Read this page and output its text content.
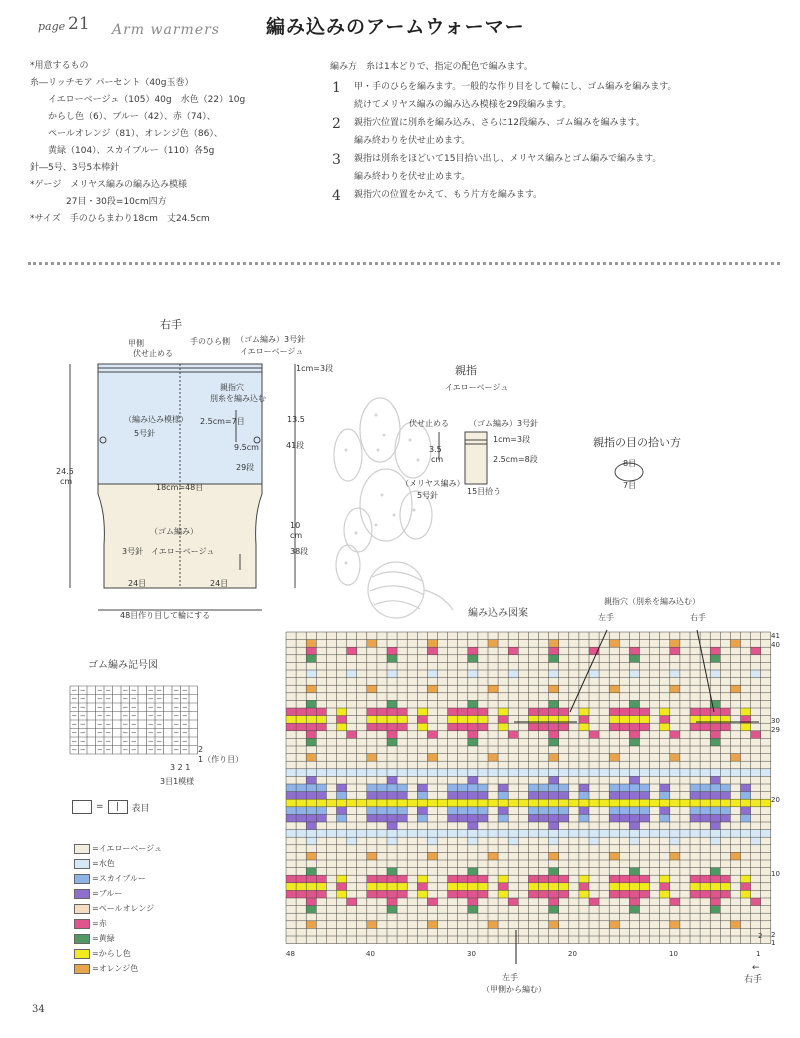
page 21 Arm warmers 編み込みのアームウォーマー
*用意するもの
糸―リッチモア パーセント（40g玉巻）
　　イエローベージュ（105）40g　水色（22）10g
　　からし色（6）、ブルー（42）、赤（74）、
　　ペールオレンジ（81）、オレンジ色（86）、
　　黄緑（104）、スカイブルー（110）各5g
針―5号、3号5本棒針
*ゲージ　メリヤス編みの編み込み模様
　　　　27目・30段=10cm四方
*サイズ　手のひらまわり18cm　丈24.5cm
編み方　糸は1本どりで、指定の配色で編みます。
1 甲・手のひらを編みます。一般的な作り目をして輪にし、ゴム編みを編みます。
続けてメリヤス編みの編み込み模様を29段編みます。
2 親指穴位置に別糸を編み込み、さらに12段編み、ゴム編みを編みます。
編み終わりを伏せ止めます。
3 親指は別糸をほどいて15目拾い出し、メリヤス編みとゴム編みで編みます。
編み終わりを伏せ止めます。
4 親指穴の位置をかえて、もう片方を編みます。
右手
甲側
伏せ止める
手のひら側 （ゴム編み）3号針
イエローベージュ
1cm=3段
親指穴
別糸を編み込む
2.5cm=7目
（編み込み模様）
5号針
13.5
41段
9.5cm
29段
18cm=48目
24.5
cm
（ゴム編み）
3号針　イエローベージュ
10
cm
38段
24目	24目
48目作り目して輪にする
親指
イエローベージュ
伏せ止める	（ゴム編み）3号針
1cm=3段
3.5
cm	2.5cm=8段
（メリヤス編み）
5号針	15目拾う
親指の目の拾い方
8目
7目
ゴム編み記号図
2
1（作り目）
3 2 1
3目1模様
=	|	表目
=イエローベージュ
=水色
=スカイブルー
=ブルー
=ペールオレンジ
=赤
=黄緑
=からし色
=オレンジ色
編み込み図案
親指穴（別糸を編み込む）
左手	右手
41
40
30
29
20
10
2
1
48	40	30	20	10	1
2
←
右手
左手
（甲側から編む）
34
